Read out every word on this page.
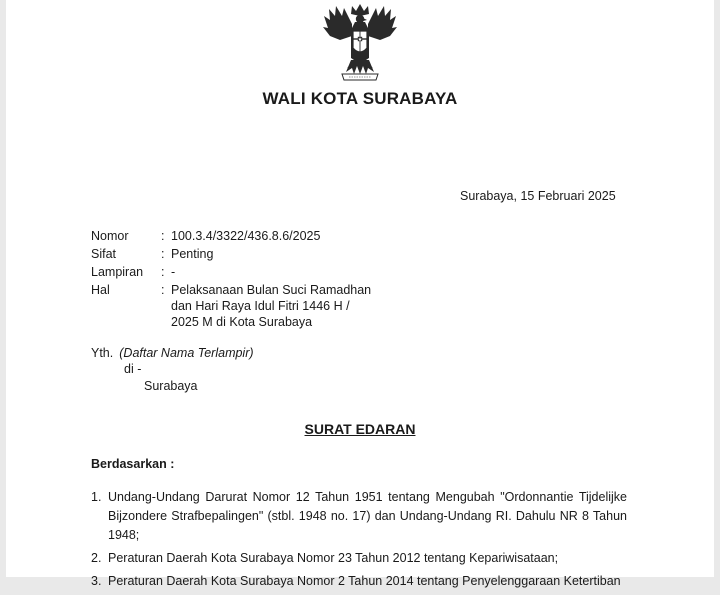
WALI KOTA SURABAYA
Surabaya, 15 Februari 2025
Nomor	: 100.3.4/3322/436.8.6/2025
Sifat	: Penting
Lampiran	: -
Hal	: Pelaksanaan Bulan Suci Ramadhan
dan Hari Raya Idul Fitri 1446 H /
2025 M di Kota Surabaya
Yth. (Daftar Nama Terlampir)
di -
Surabaya
SURAT EDARAN
Berdasarkan :
1. Undang-Undang Darurat Nomor 12 Tahun 1951 tentang Mengubah "Ordonnantie Tijdelijke Bijzondere Strafbepalingen" (stbl. 1948 no. 17) dan Undang-Undang RI. Dahulu NR 8 Tahun 1948;
2. Peraturan Daerah Kota Surabaya Nomor 23 Tahun 2012 tentang Kepariwisataan;
3. Peraturan Daerah Kota Surabaya Nomor 2 Tahun 2014 tentang Penyelenggaraan Ketertiban
